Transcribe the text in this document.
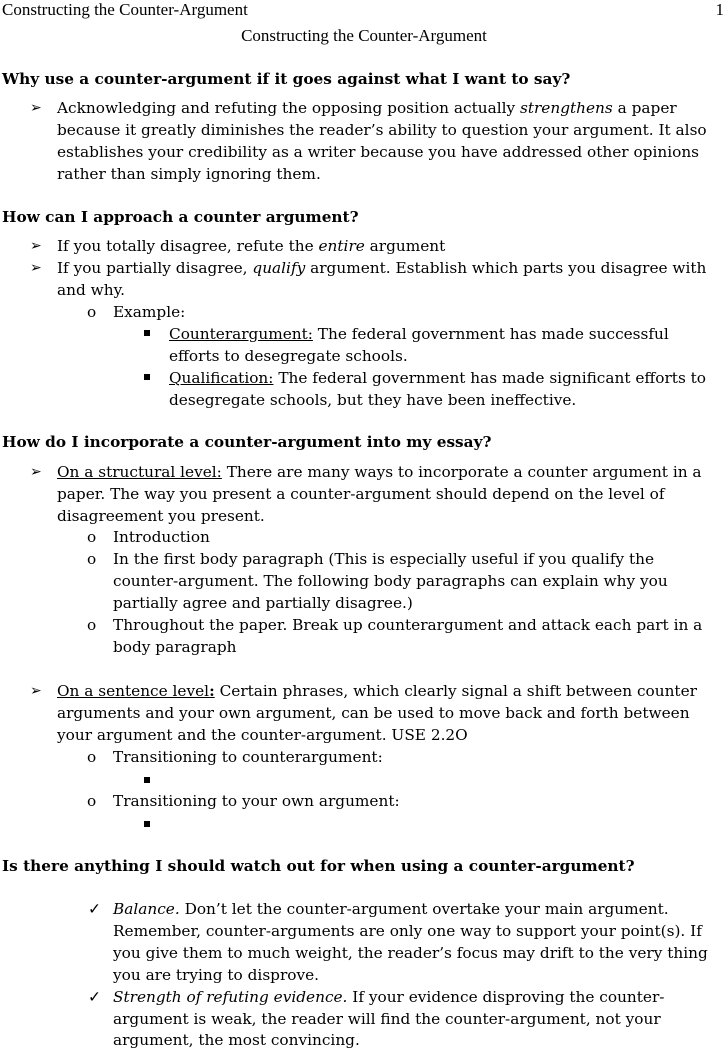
Constructing the Counter-Argument	1
Constructing the Counter-Argument
Why use a counter-argument if it goes against what I want to say?
➢ Acknowledging and refuting the opposing position actually strengthens a paper
because it greatly diminishes the reader’s ability to question your argument. It also
establishes your credibility as a writer because you have addressed other opinions
rather than simply ignoring them.
How can I approach a counter argument?
➢ If you totally disagree, refute the entire argument
➢ If you partially disagree, qualify argument. Establish which parts you disagree with
and why.
o Example:
Counterargument: The federal government has made successful
efforts to desegregate schools.
Qualification: The federal government has made significant efforts to
desegregate schools, but they have been ineffective.
How do I incorporate a counter-argument into my essay?
➢ On a structural level: There are many ways to incorporate a counter argument in a
paper. The way you present a counter-argument should depend on the level of
disagreement you present.
o Introduction
o In the first body paragraph (This is especially useful if you qualify the
counter-argument. The following body paragraphs can explain why you
partially agree and partially disagree.)
o Throughout the paper. Break up counterargument and attack each part in a
body paragraph
➢ On a sentence level: Certain phrases, which clearly signal a shift between counter
arguments and your own argument, can be used to move back and forth between
your argument and the counter-argument. USE 2.2O
o Transitioning to counterargument:
o Transitioning to your own argument:
Is there anything I should watch out for when using a counter-argument?
✓ Balance. Don’t let the counter-argument overtake your main argument.
Remember, counter-arguments are only one way to support your point(s). If
you give them to much weight, the reader’s focus may drift to the very thing
you are trying to disprove.
✓ Strength of refuting evidence. If your evidence disproving the counter-
argument is weak, the reader will find the counter-argument, not your
argument, the most convincing.
